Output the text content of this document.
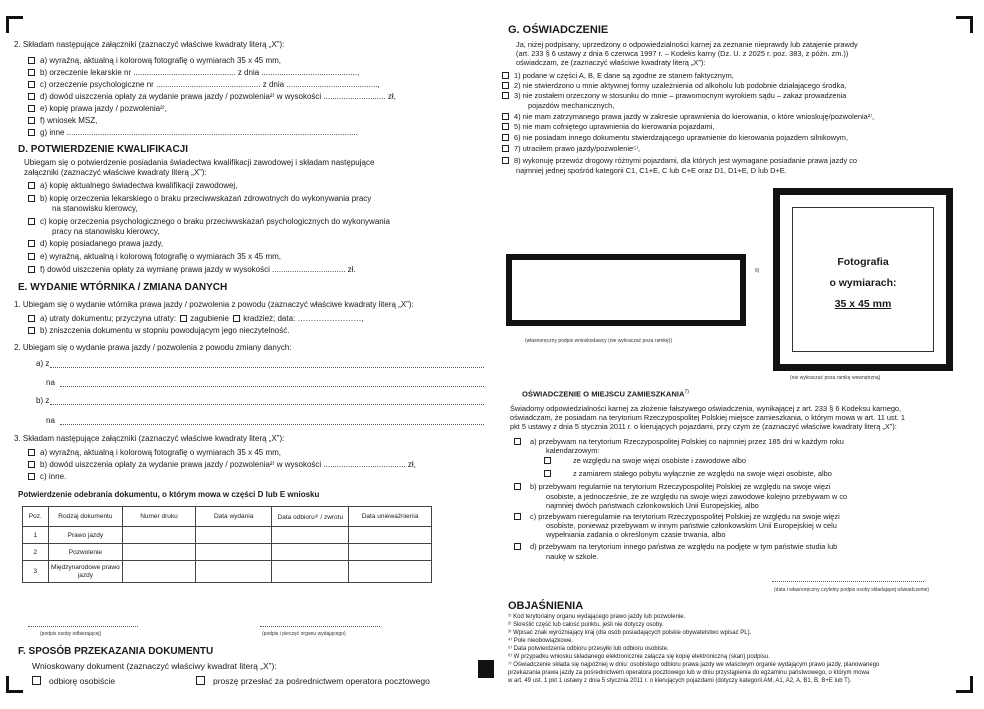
2. Składam następujące załączniki (zaznaczyć właściwe kwadraty literą „X”):
a) wyraźną, aktualną i kolorową fotografię o wymiarach 35 x 45 mm,
b) orzeczenie lekarskie nr .............................................. z dnia ...........................................,
c) orzeczenie psychologiczne nr ............................................... z dnia .........................................,
d) dowód uiszczenia opłaty za wydanie prawa jazdy / pozwolenia²⁾ w wysokości ............................ zł,
e) kopię prawa jazdy / pozwolenia²⁾,
f) wniosek MSZ,
g) inne ...................................................................................................................................
D. POTWIERDZENIE KWALIFIKACJI
Ubiegam się o potwierdzenie posiadania świadectwa kwalifikacji zawodowej i składam następujące
załączniki (zaznaczyć właściwe kwadraty literą „X”):
a) kopię aktualnego świadectwa kwalifikacji zawodowej,
b) kopię orzeczenia lekarskiego o braku przeciwwskazań zdrowotnych do wykonywania pracy
na stanowisku kierowcy,
c) kopię orzeczenia psychologicznego o braku przeciwwskazań psychologicznych do wykonywania
pracy na stanowisku kierowcy,
d) kopię posiadanego prawa jazdy,
e) wyraźną, aktualną i kolorową fotografię o wymiarach 35 x 45 mm,
f) dowód uiszczenia opłaty za wymianę prawa jazdy w wysokości ................................. zł.
E. WYDANIE WTÓRNIKA / ZMIANA DANYCH
1. Ubiegam się o wydanie wtórnika prawa jazdy / pozwolenia z powodu (zaznaczyć właściwe kwadraty literą „X”):
a) utraty dokumentu; przyczyna utraty: zagubienie kradzież; data: ……………………,
b) zniszczenia dokumentu w stopniu powodującym jego nieczytelność.
2. Ubiegam się o wydanie prawa jazdy / pozwolenia z powodu zmiany danych:
a) z
na
b) z
na
3. Składam następujące załączniki (zaznaczyć właściwe kwadraty literą „X”):
a) wyraźną, aktualną i kolorową fotografię o wymiarach 35 x 45 mm,
b) dowód uiszczenia opłaty za wydanie prawa jazdy / pozwolenia²⁾ w wysokości ..................................... zł,
c) inne.
Potwierdzenie odebrania dokumentu, o którym mowa w części D lub E wniosku
Poz.	Rodzaj dokumentu	Numer druku	Data wydania	Data odbioru³⁾ / zwrotu	Data unieważnienia
1	Prawo jazdy				
2	Pozwolenie				
3	Międzynarodowe prawo jazdy				
(podpis osoby odbierającej)	(podpis i pieczęć organu wydającego)
F. SPOSÓB PRZEKAZANIA DOKUMENTU
Wnioskowany dokument (zaznaczyć właściwy kwadrat literą „X”):
odbiorę osobiście	proszę przesłać za pośrednictwem operatora pocztowego
G. OŚWIADCZENIE
Ja, niżej podpisany, uprzedzony o odpowiedzialności karnej za zeznanie nieprawdy lub zatajenie prawdy
(art. 233 § 6 ustawy z dnia 6 czerwca 1997 r. – Kodeks karny (Dz. U. z 2025 r. poz. 383, z późn. zm.))
oświadczam, że (zaznaczyć właściwe kwadraty literą „X”):
1) podane w części A, B, E dane są zgodne ze stanem faktycznym,
2) nie stwierdzono u mnie aktywnej formy uzależnienia od alkoholu lub podobnie działającego środka,
3) nie zostałem orzeczony w stosunku do mnie – prawomocnym wyrokiem sądu – zakaz prowadzenia
pojazdów mechanicznych,
4) nie mam zatrzymanego prawa jazdy w zakresie uprawnienia do kierowania, o które wnioskuję/pozwolenia²⁾,
5) nie mam cofniętego uprawnienia do kierowania pojazdami,
6) nie posiadam innego dokumentu stwierdzającego uprawnienie do kierowania pojazdem silnikowym,
7) utraciłem prawo jazdy/pozwolenie⁵⁾,
8) wykonuję przewóz drogowy różnymi pojazdami, dla których jest wymagane posiadanie prawa jazdy co
najmniej jednej spośród kategorii C1, C1+E, C lub C+E oraz D1, D1+E, D lub D+E.
6)
(własnoręczny podpis wnioskodawcy (nie wykraczać poza ramkę))
Fotografia
o wymiarach:
35 x 45 mm
(nie wykraczać poza ramkę wewnętrzną)
OŚWIADCZENIE O MIEJSCU ZAMIESZKANIA$^{7)}$
Świadomy odpowiedzialności karnej za złożenie fałszywego oświadczenia, wynikającej z art. 233 § 6 Kodeksu karnego,
oświadczam, że posiadam na terytorium Rzeczypospolitej Polskiej miejsce zamieszkania, o którym mowa w art. 11 ust. 1
pkt 5 ustawy z dnia 5 stycznia 2011 r. o kierujących pojazdami, przy czym że (zaznaczyć właściwe kwadraty literą „X”):
a) przebywam na terytorium Rzeczypospolitej Polskiej co najmniej przez 185 dni w każdym roku
kalendarzowym:
ze względu na swoje więzi osobiste i zawodowe albo
z zamiarem stałego pobytu wyłącznie ze względu na swoje więzi osobiste, albo
b) przebywam regularnie na terytorium Rzeczypospolitej Polskiej ze względu na swoje więzi
osobiste, a jednocześnie, że ze względu na swoje więzi zawodowe kolejno przebywam w co
najmniej dwóch państwach członkowskich Unii Europejskiej, albo
c) przebywam nieregularnie na terytorium Rzeczypospolitej Polskiej ze względu na swoje więzi
osobiste, ponieważ przebywam w innym państwie członkowskim Unii Europejskiej w celu
wypełniania zadania o określonym czasie trwania, albo
d) przebywam na terytorium innego państwa ze względu na podjęte w tym państwie studia lub
naukę w szkole.
(data i własnoręczny czytelny podpis osoby składającej oświadczenie)
OBJAŚNIENIA
¹⁾ Kod terytorialny organu wydającego prawo jazdy lub pozwolenie.
²⁾ Skreślić część lub całość punktu, jeśli nie dotyczy osoby.
³⁾ Wpisać znak wyróżniający kraj (dla osób posiadających polskie obywatelstwo wpisać PL).
⁴⁾ Pole nieobowiązkowe.
⁵⁾ Data potwierdzenia odbioru przesyłki lub odbioru osobiste.
⁶⁾ W przypadku wniosku składanego elektronicznie załącza się kopię elektroniczną (skan) podpisu.
⁷⁾ Oświadczenie składa się najpóźniej w dniu: osobistego odbioru prawa jazdy we właściwym organie wydającym prawo jazdy, planowanego
przekazania prawa jazdy za pośrednictwem operatora pocztowego lub w dniu przystąpienia do egzaminu państwowego, o którym mowa
w art. 49 ust. 1 pkt 1 ustawy z dnia 5 stycznia 2011 r. o kierujących pojazdami (dotyczy kategorii AM, A1, A2, A, B1, B, B+E lub T).
